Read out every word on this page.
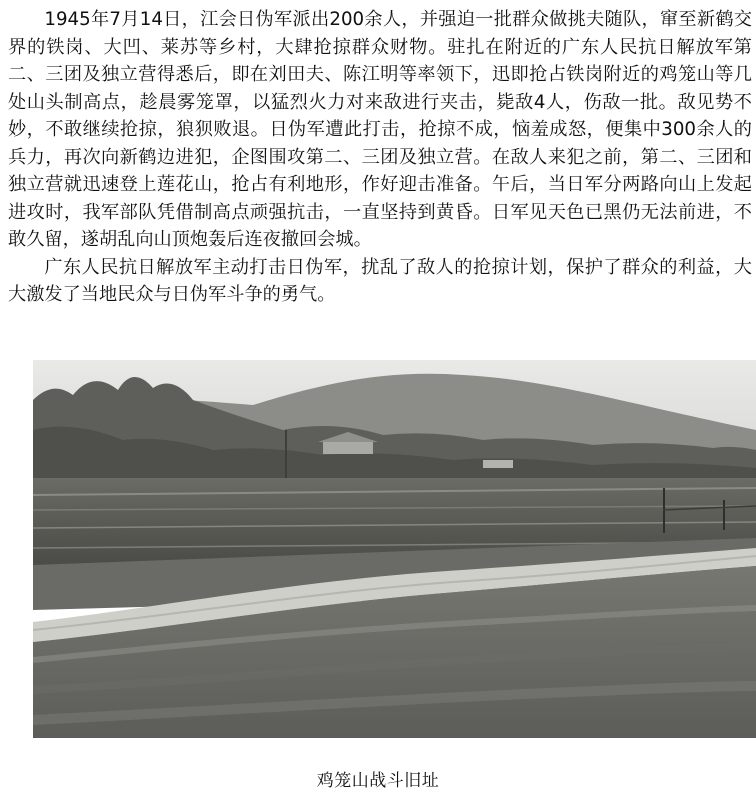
1945年7月14日，江会日伪军派出200余人，并强迫一批群众做挑夫随队，窜至新鹤交界的铁岗、大凹、莱苏等乡村，大肆抢掠群众财物。驻扎在附近的广东人民抗日解放军第二、三团及独立营得悉后，即在刘田夫、陈江明等率领下，迅即抢占铁岗附近的鸡笼山等几处山头制高点，趁晨雾笼罩，以猛烈火力对来敌进行夹击，毙敌4人，伤敌一批。敌见势不妙，不敢继续抢掠，狼狈败退。日伪军遭此打击，抢掠不成，恼羞成怒，便集中300余人的兵力，再次向新鹤边进犯，企图围攻第二、三团及独立营。在敌人来犯之前，第二、三团和独立营就迅速登上莲花山，抢占有利地形，作好迎击准备。午后，当日军分两路向山上发起进攻时，我军部队凭借制高点顽强抗击，一直坚持到黄昏。日军见天色已黑仍无法前进，不敢久留，遂胡乱向山顶炮轰后连夜撤回会城。

广东人民抗日解放军主动打击日伪军，扰乱了敌人的抢掠计划，保护了群众的利益，大大激发了当地民众与日伪军斗争的勇气。

鸡笼山战斗旧址
